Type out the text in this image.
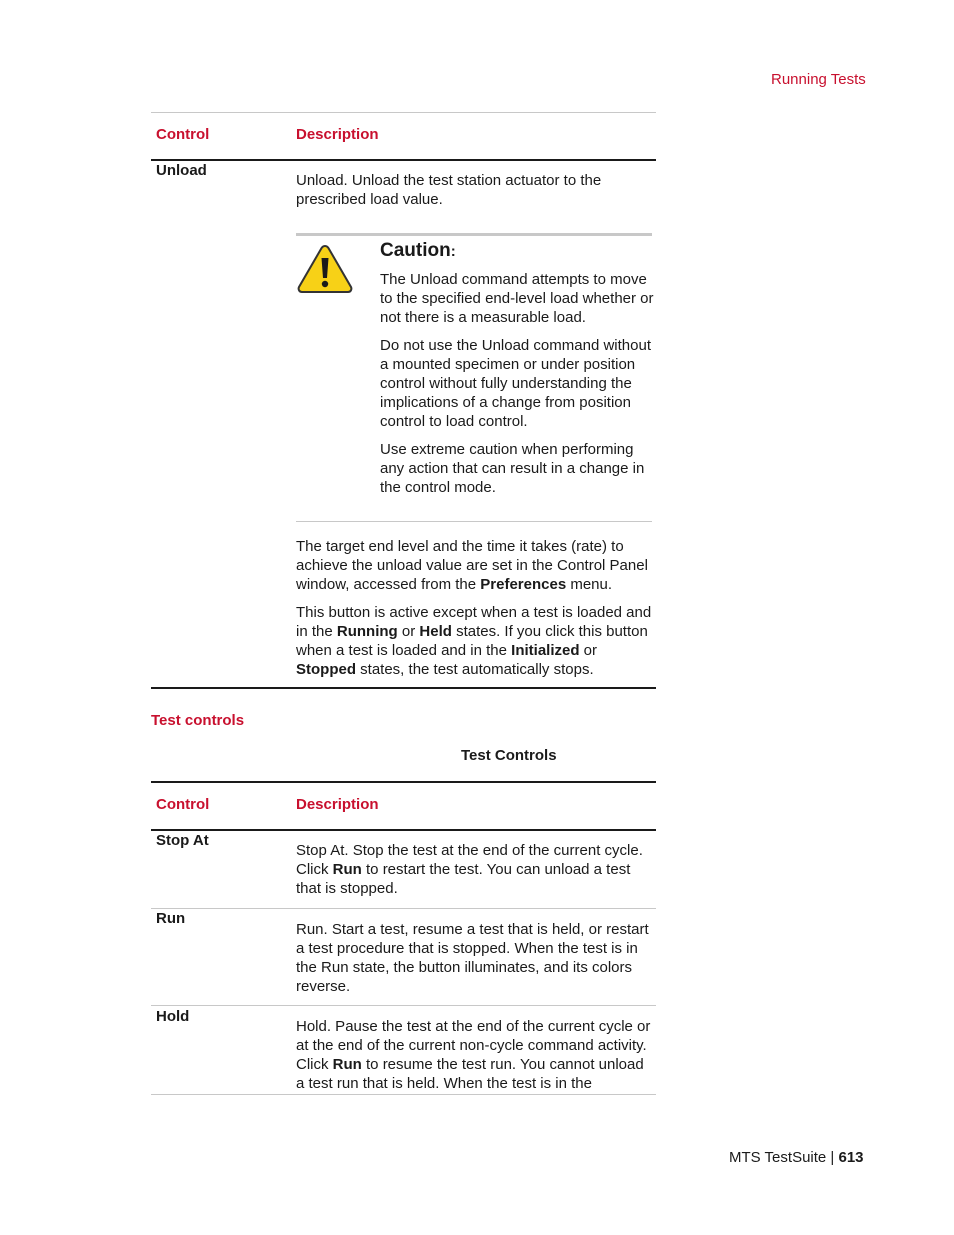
Running Tests
Control	Description
Unload

Unload. Unload the test station actuator to the prescribed load value.

Caution:

The Unload command attempts to move to the specified end-level load whether or not there is a measurable load.

Do not use the Unload command without a mounted specimen or under position control without fully understanding the implications of a change from position control to load control.

Use extreme caution when performing any action that can result in a change in the control mode.

The target end level and the time it takes (rate) to achieve the unload value are set in the Control Panel window, accessed from the Preferences menu.

This button is active except when a test is loaded and in the Running or Held states. If you click this button when a test is loaded and in the Initialized or Stopped states, the test automatically stops.

Test controls
Test Controls
Control	Description
Stop At

Stop At. Stop the test at the end of the current cycle. Click Run to restart the test. You can unload a test that is stopped.

Run

Run. Start a test, resume a test that is held, or restart a test procedure that is stopped. When the test is in the Run state, the button illuminates, and its colors reverse.

Hold

Hold. Pause the test at the end of the current cycle or at the end of the current non-cycle command activity. Click Run to resume the test run. You cannot unload a test run that is held. When the test is in the

MTS TestSuite | 613
